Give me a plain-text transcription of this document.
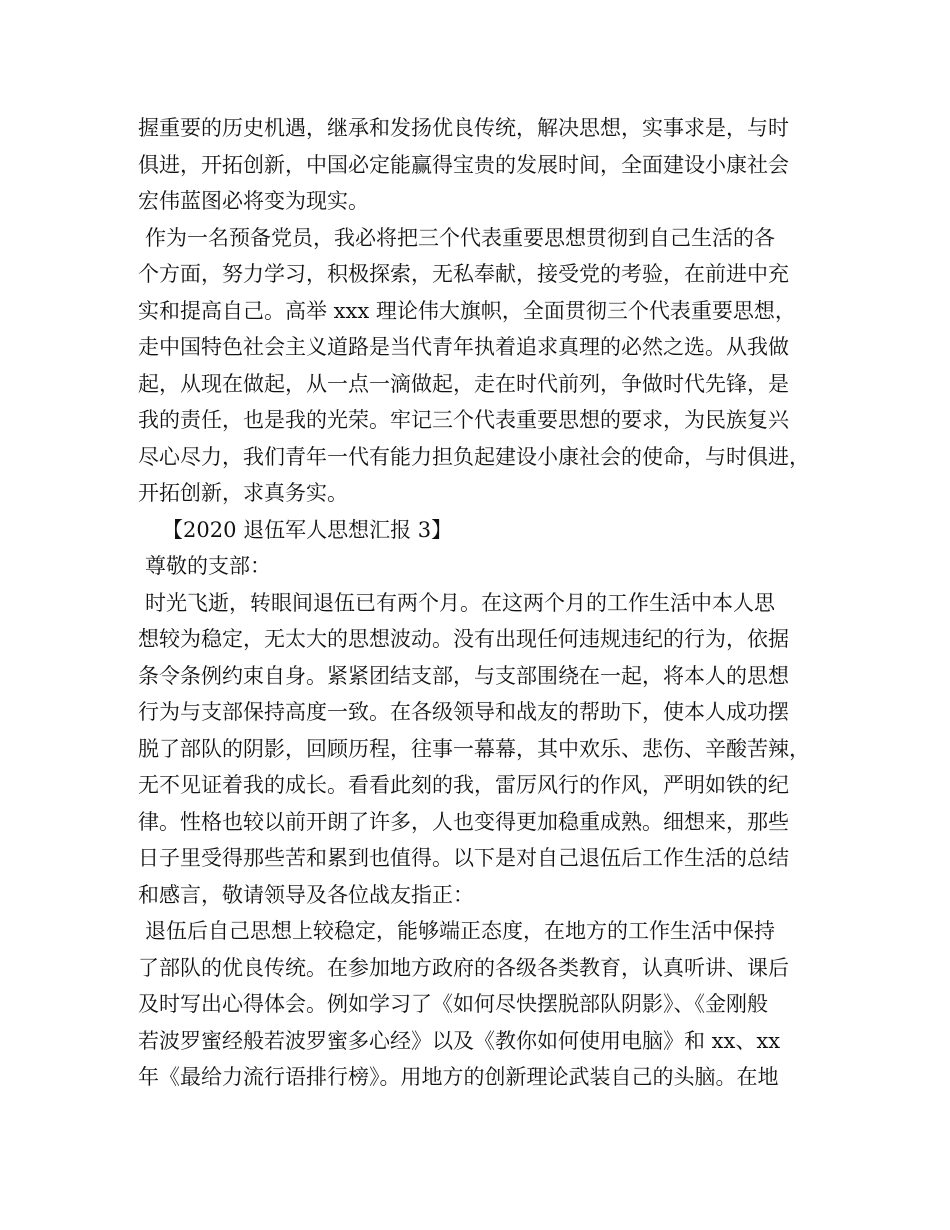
握重要的历史机遇，继承和发扬优良传统，解决思想，实事求是，与时
俱进，开拓创新，中国必定能赢得宝贵的发展时间，全面建设小康社会
宏伟蓝图必将变为现实。
作为一名预备党员，我必将把三个代表重要思想贯彻到自己生活的各
个方面，努力学习，积极探索，无私奉献，接受党的考验，在前进中充
实和提高自己。高举 xxx 理论伟大旗帜，全面贯彻三个代表重要思想，
走中国特色社会主义道路是当代青年执着追求真理的必然之选。从我做
起，从现在做起，从一点一滴做起，走在时代前列，争做时代先锋，是
我的责任，也是我的光荣。牢记三个代表重要思想的要求，为民族复兴
尽心尽力，我们青年一代有能力担负起建设小康社会的使命，与时俱进，
开拓创新，求真务实。
【2020 退伍军人思想汇报 3】
尊敬的支部：
时光飞逝，转眼间退伍已有两个月。在这两个月的工作生活中本人思
想较为稳定，无太大的思想波动。没有出现任何违规违纪的行为，依据
条令条例约束自身。紧紧团结支部，与支部围绕在一起，将本人的思想
行为与支部保持高度一致。在各级领导和战友的帮助下，使本人成功摆
脱了部队的阴影，回顾历程，往事一幕幕，其中欢乐、悲伤、辛酸苦辣，
无不见证着我的成长。看看此刻的我，雷厉风行的作风，严明如铁的纪
律。性格也较以前开朗了许多，人也变得更加稳重成熟。细想来，那些
日子里受得那些苦和累到也值得。以下是对自己退伍后工作生活的总结
和感言，敬请领导及各位战友指正：
退伍后自己思想上较稳定，能够端正态度，在地方的工作生活中保持
了部队的优良传统。在参加地方政府的各级各类教育，认真听讲、课后
及时写出心得体会。例如学习了《如何尽快摆脱部队阴影》、《金刚般
若波罗蜜经般若波罗蜜多心经》以及《教你如何使用电脑》和 xx、xx
年《最给力流行语排行榜》。用地方的创新理论武装自己的头脑。在地
